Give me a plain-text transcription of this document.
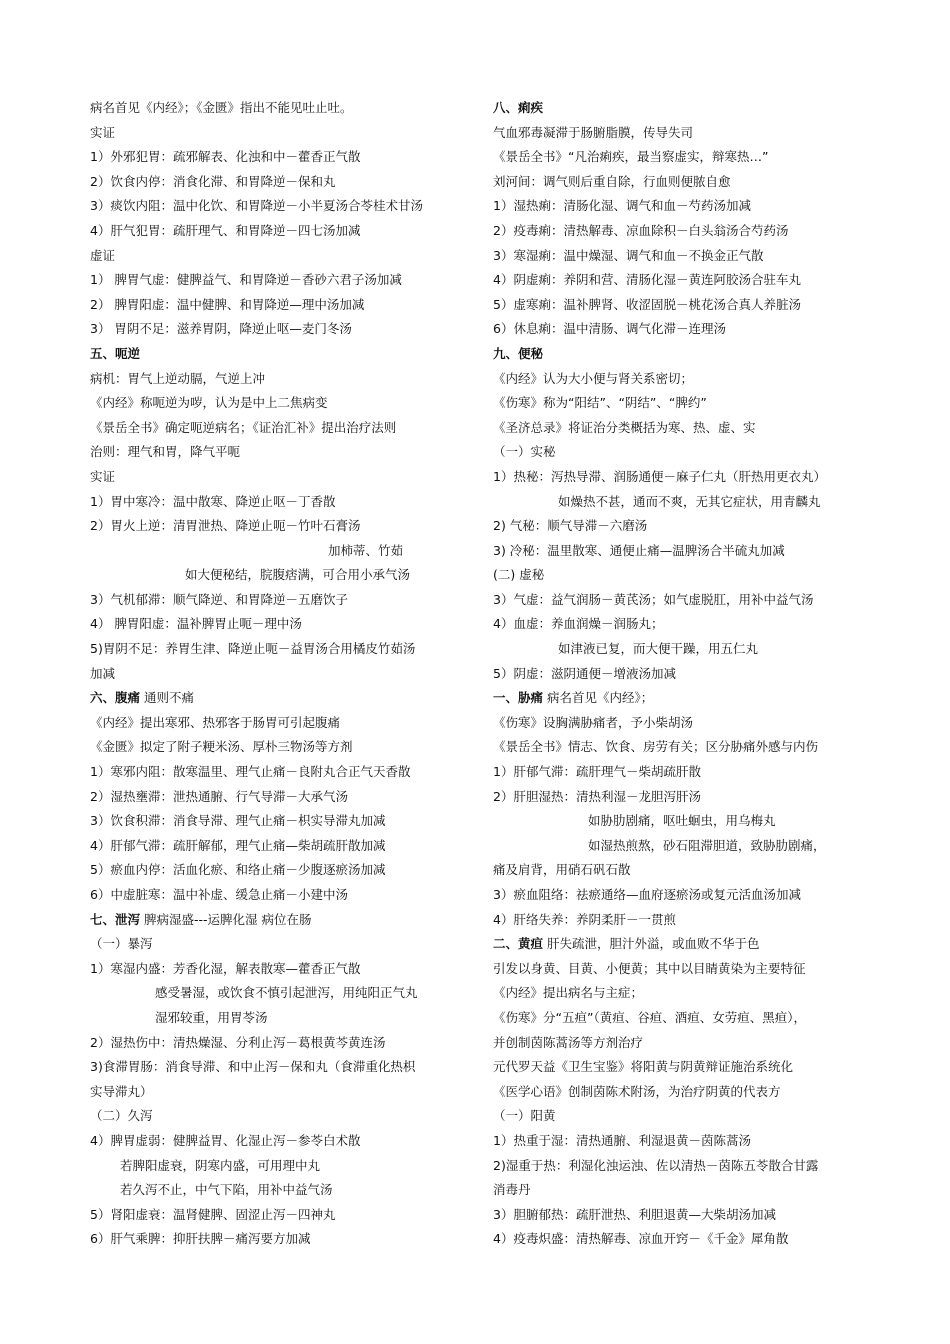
病名首见《内经》；《金匮》指出不能见吐止吐。
实证
1）外邪犯胃：疏邪解表、化浊和中－藿香正气散
2）饮食内停：消食化滞、和胃降逆－保和丸
3）痰饮内阻：温中化饮、和胃降逆－小半夏汤合苓桂术甘汤
4）肝气犯胃：疏肝理气、和胃降逆－四七汤加减
虚证
1） 脾胃气虚：健脾益气、和胃降逆－香砂六君子汤加减
2） 脾胃阳虚：温中健脾、和胃降逆—理中汤加减
3） 胃阴不足：滋养胃阴，降逆止呕—麦门冬汤
五、呃逆
病机：胃气上逆动膈，气逆上冲
《内经》称呃逆为哕，认为是中上二焦病变
《景岳全书》确定呃逆病名；《证治汇补》提出治疗法则
治则：理气和胃，降气平呃
实证
1）胃中寒冷：温中散寒、降逆止呕－丁香散
2）胃火上逆：清胃泄热、降逆止呃－竹叶石膏汤
加柿蒂、竹茹
如大便秘结，脘腹痞满，可合用小承气汤
3）气机郁滞：顺气降逆、和胃降逆－五磨饮子
4） 脾胃阳虚：温补脾胃止呃－理中汤
5)胃阴不足：养胃生津、降逆止呃－益胃汤合用橘皮竹茹汤
加减
六、腹痛 通则不痛
《内经》提出寒邪、热邪客于肠胃可引起腹痛
《金匮》拟定了附子粳米汤、厚朴三物汤等方剂
1）寒邪内阻：散寒温里、理气止痛－良附丸合正气天香散
2）湿热壅滞：泄热通腑、行气导滞－大承气汤
3）饮食积滞：消食导滞、理气止痛－枳实导滞丸加减
4）肝郁气滞：疏肝解郁，理气止痛—柴胡疏肝散加减
5）瘀血内停：活血化瘀、和络止痛－少腹逐瘀汤加减
6）中虚脏寒：温中补虚、缓急止痛－小建中汤
七、泄泻 脾病湿盛---运脾化湿 病位在肠
（一）暴泻
1）寒湿内盛：芳香化湿，解表散寒—藿香正气散
感受暑湿，或饮食不慎引起泄泻，用纯阳正气丸
湿邪较重，用胃苓汤
2）湿热伤中：清热燥湿、分利止泻－葛根黄芩黄连汤
3)食滞胃肠：消食导滞、和中止泻－保和丸（食滞重化热枳
实导滞丸）
（二）久泻
4）脾胃虚弱：健脾益胃、化湿止泻－参苓白术散
若脾阳虚衰，阴寒内盛，可用理中丸
若久泻不止，中气下陷，用补中益气汤
5）肾阳虚衰：温肾健脾、固涩止泻－四神丸
6）肝气乘脾：抑肝扶脾－痛泻要方加减
八、痢疾
气血邪毒凝滞于肠腑脂膜，传导失司
《景岳全书》“凡治痢疾，最当察虚实，辩寒热…”
刘河间：调气则后重自除，行血则便脓自愈
1）湿热痢：清肠化湿、调气和血－芍药汤加减
2）疫毒痢：清热解毒、凉血除积－白头翁汤合芍药汤
3）寒湿痢：温中燥湿、调气和血－不换金正气散
4）阴虚痢：养阴和营、清肠化湿－黄连阿胶汤合驻车丸
5）虚寒痢：温补脾肾、收涩固脱－桃花汤合真人养脏汤
6）休息痢：温中清肠、调气化滞－连理汤
九、便秘
《内经》认为大小便与肾关系密切；
《伤寒》称为“阳结”、“阴结”、“脾约”
《圣济总录》将证治分类概括为寒、热、虚、实
（一）实秘
1）热秘：泻热导滞、润肠通便－麻子仁丸（肝热用更衣丸）
如燥热不甚，通而不爽，无其它症状，用青麟丸
2) 气秘：顺气导滞－六磨汤
3) 冷秘：温里散寒、通便止痛—温脾汤合半硫丸加减
(二) 虚秘
3）气虚：益气润肠－黄芪汤；如气虚脱肛，用补中益气汤
4）血虚：养血润燥－润肠丸；
如津液已复，而大便干躁，用五仁丸
5）阴虚：滋阴通便－增液汤加减
一、胁痛 病名首见《内经》；
《伤寒》设胸满胁痛者，予小柴胡汤
《景岳全书》情志、饮食、房劳有关；区分胁痛外感与内伤
1）肝郁气滞：疏肝理气－柴胡疏肝散
2）肝胆湿热：清热利湿－龙胆泻肝汤
如胁肋剧痛，呕吐蛔虫，用乌梅丸
如湿热煎熬，砂石阻滞胆道，致胁肋剧痛，
痛及肩背，用硝石矾石散
3）瘀血阻络：祛瘀通络—血府逐瘀汤或复元活血汤加减
4）肝络失养：养阴柔肝－一贯煎
二、黄疸 肝失疏泄，胆汁外溢，或血败不华于色
引发以身黄、目黄、小便黄；其中以目睛黄染为主要特征
《内经》提出病名与主症；
《伤寒》分“五疸”（黄疸、谷疸、酒疸、女劳疸、黑疸），
并创制茵陈蒿汤等方剂治疗
元代罗天益《卫生宝鉴》将阳黄与阴黄辩证施治系统化
《医学心语》创制茵陈术附汤，为治疗阴黄的代表方
（一）阳黄
1）热重于湿：清热通腑、利湿退黄－茵陈蒿汤
2)湿重于热：利湿化浊运浊、佐以清热－茵陈五苓散合甘露
消毒丹
3）胆腑郁热：疏肝泄热、利胆退黄—大柴胡汤加减
4）疫毒炽盛：清热解毒、凉血开窍－《千金》犀角散
